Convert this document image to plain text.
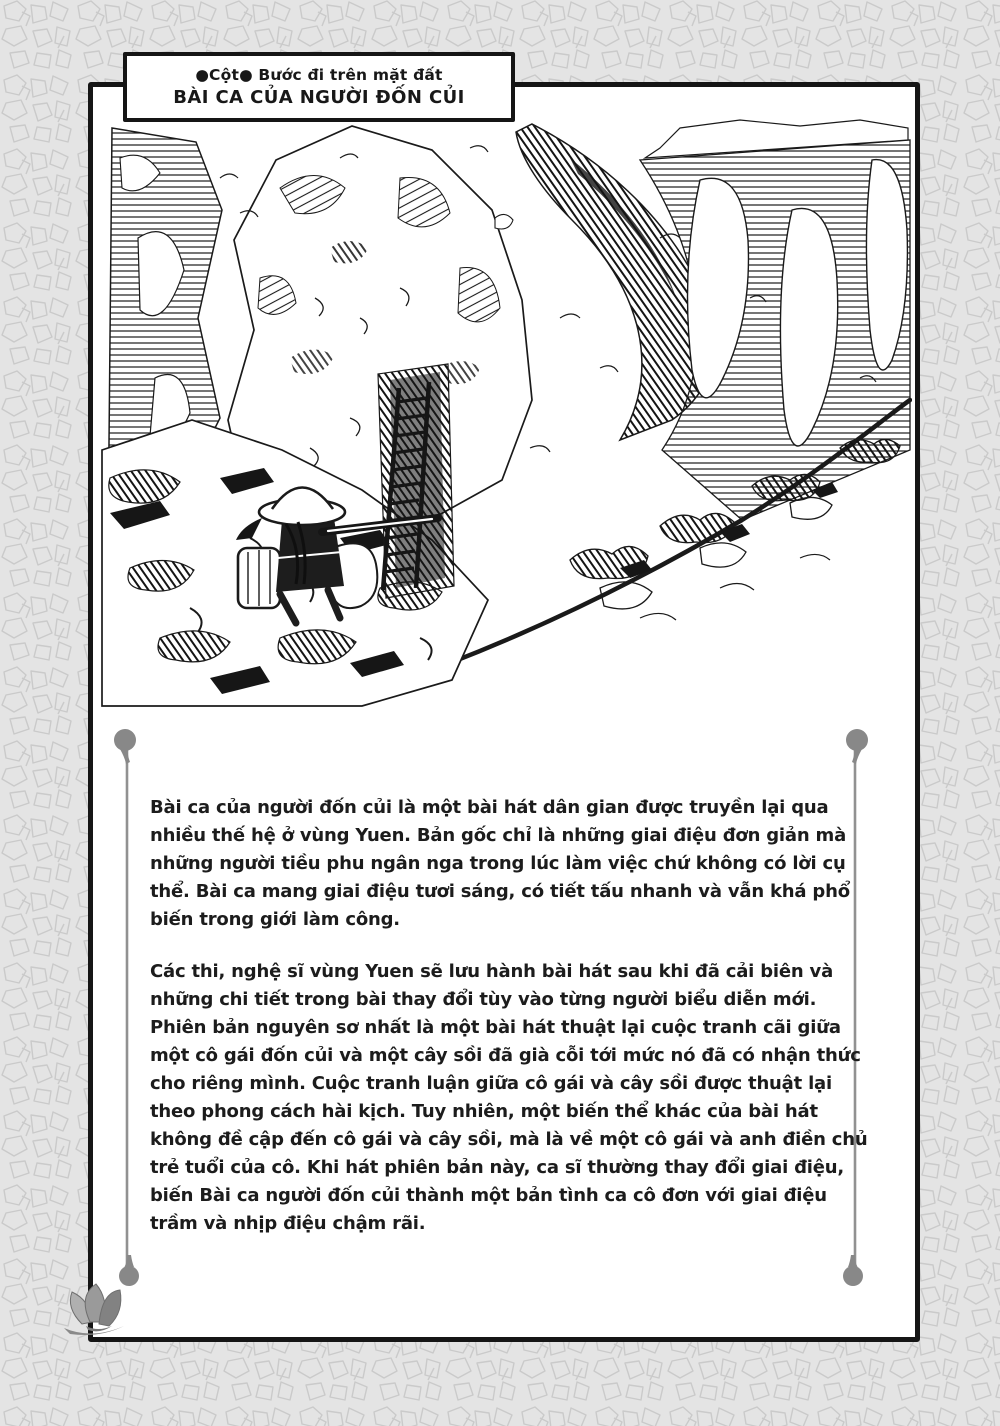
●Cột● Bước đi trên mặt đất
BÀI CA CỦA NGƯỜI ĐỐN CỦI

Bài ca của người đốn củi là một bài hát dân gian được truyền lại qua nhiều thế hệ ở vùng Yuen. Bản gốc chỉ là những giai điệu đơn giản mà những người tiều phu ngân nga trong lúc làm việc chứ không có lời cụ thể. Bài ca mang giai điệu tươi sáng, có tiết tấu nhanh và vẫn khá phổ biến trong giới làm công.

Các thi, nghệ sĩ vùng Yuen sẽ lưu hành bài hát sau khi đã cải biên và những chi tiết trong bài thay đổi tùy vào từng người biểu diễn mới. Phiên bản nguyên sơ nhất là một bài hát thuật lại cuộc tranh cãi giữa một cô gái đốn củi và một cây sồi đã già cỗi tới mức nó đã có nhận thức cho riêng mình. Cuộc tranh luận giữa cô gái và cây sồi được thuật lại theo phong cách hài kịch. Tuy nhiên, một biến thể khác của bài hát không đề cập đến cô gái và cây sồi, mà là về một cô gái và anh điền chủ trẻ tuổi của cô. Khi hát phiên bản này, ca sĩ thường thay đổi giai điệu, biến Bài ca người đốn củi thành một bản tình ca cô đơn với giai điệu trầm và nhịp điệu chậm rãi.
